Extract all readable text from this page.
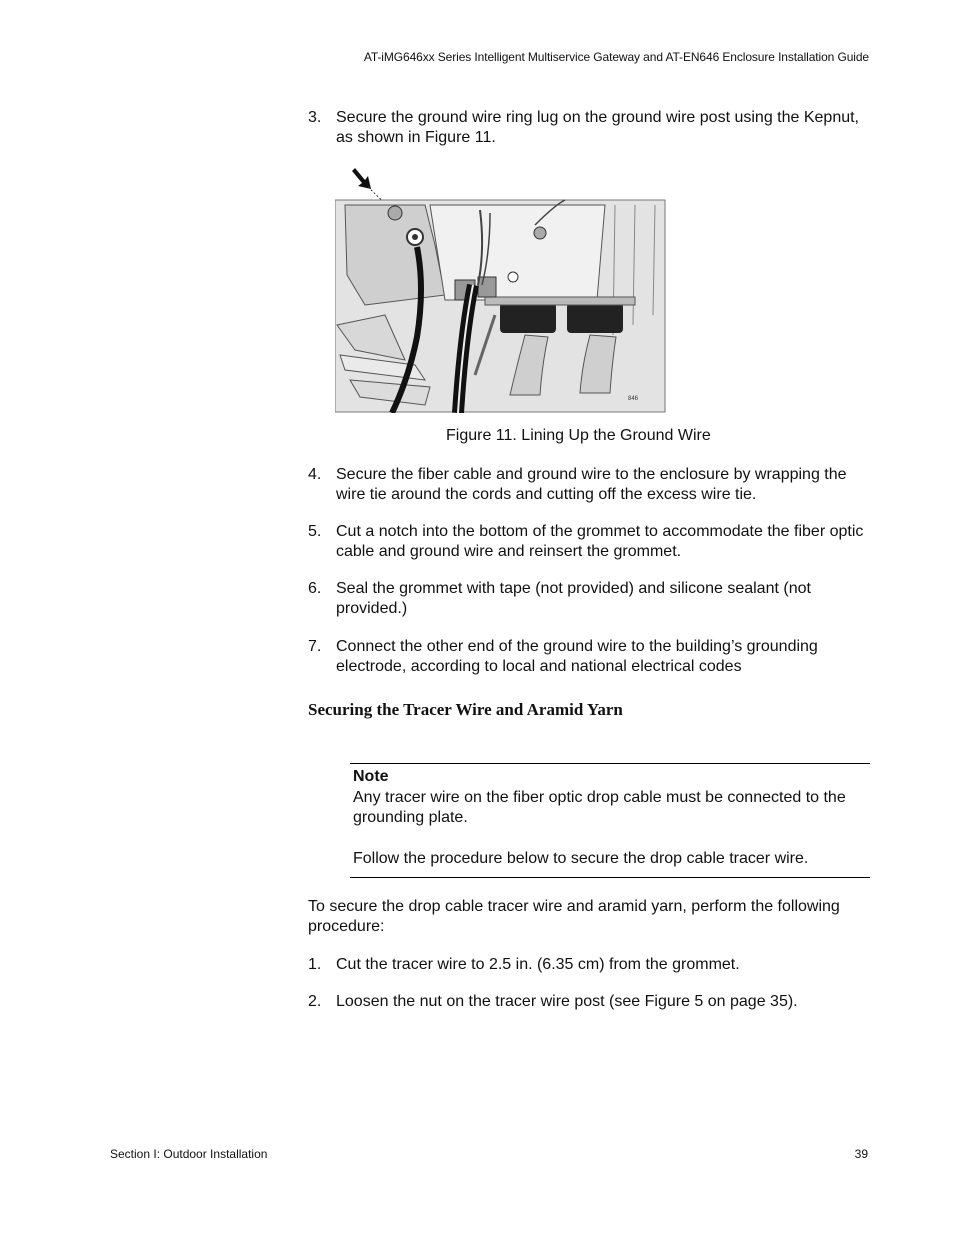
AT-iMG646xx Series Intelligent Multiservice Gateway and AT-EN646 Enclosure Installation Guide
3. Secure the ground wire ring lug on the ground wire post using the Kepnut, as shown in Figure 11.
846
Figure 11. Lining Up the Ground Wire
4. Secure the fiber cable and ground wire to the enclosure by wrapping the wire tie around the cords and cutting off the excess wire tie.
5. Cut a notch into the bottom of the grommet to accommodate the fiber optic cable and ground wire and reinsert the grommet.
6. Seal the grommet with tape (not provided) and silicone sealant (not provided.)
7. Connect the other end of the ground wire to the building’s grounding electrode, according to local and national electrical codes
Securing the Tracer Wire and Aramid Yarn
Note
Any tracer wire on the fiber optic drop cable must be connected to the grounding plate.
Follow the procedure below to secure the drop cable tracer wire.
To secure the drop cable tracer wire and aramid yarn, perform the following procedure:
1. Cut the tracer wire to 2.5 in. (6.35 cm) from the grommet.
2. Loosen the nut on the tracer wire post (see Figure 5 on page 35).
Section I: Outdoor Installation	39
